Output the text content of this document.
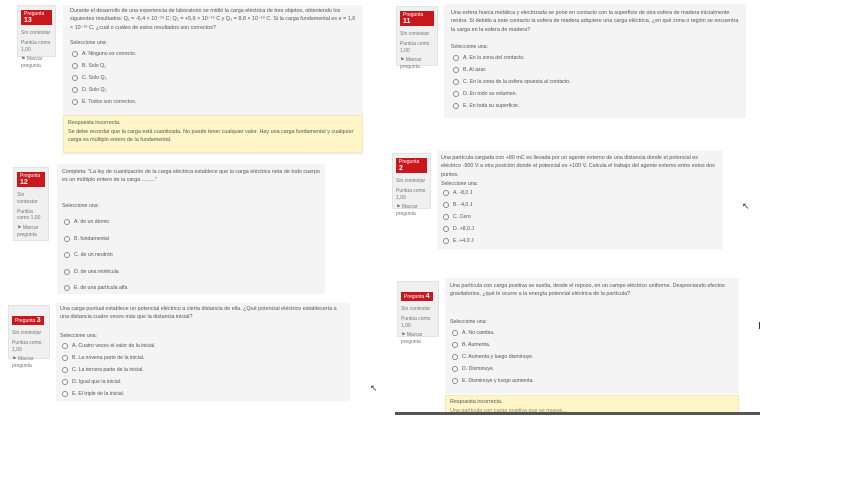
Pregunta 13
Sin contestar
Puntúa como 1,00
⚑ Marcar pregunta
Durante el desarrollo de una experiencia de laboratorio se midió la carga eléctrica de tres objetos, obteniendo los siguientes resultados: Q₁ = -6,4 × 10⁻¹⁹ C; Q₂ = +5,6 × 10⁻¹⁹ C y Q₃ = 8,8 × 10⁻¹⁹ C. Si la carga fundamental es e = 1,6 × 10⁻¹⁹ C, ¿cuál o cuáles de estos resultados son correctos?
Seleccione una:
A. Ninguno es correcto.
B. Solo Q₁
C. Solo Q₃
D. Solo Q₂
E. Todos son correctos.
Respuesta incorrecta.
Se debe recordar que la carga está cuantizada. No puede tener cualquier valor. Hay una carga fundamental y cualquier carga es múltiplo entero de la fundamental.
Pregunta 12
Sin contestar
Puntúa como 1,00
⚑ Marcar pregunta
Completa: "La ley de cuantización de la carga eléctrica establece que la carga eléctrica neta de todo cuerpo es un múltiplo entero de la carga ........."
Seleccione una:
A. de un átomo
B. fundamental
C. de un neutrón
D. de una molécula
E. de una partícula alfa
Pregunta 3
Sin contestar
Puntúa como 1,00
⚑ Marcar pregunta
Una carga puntual establece un potencial eléctrico a cierta distancia de ella. ¿Qué potencial eléctrico establecería a una distancia cuatro veces más que la distancia inicial?
Seleccione una:
A. Cuatro veces el valor de la inicial.
B. La novena parte de la inicial.
C. La tercera parte de la inicial.
D. Igual que la inicial.
E. El triple de la inicial.
Pregunta 11
Sin contestar
Puntúa como 1,00
⚑ Marcar pregunta
Una esfera hueca metálica y electrizada se pone en contacto con la superficie de otra esfera de madera inicialmente neutra. Si debido a este contacto la esfera de madera adquiere una carga eléctrica, ¿en qué zona o región se encuentra la carga en la esfera de madera?
Seleccione una:
A. En la zona del contacto.
B. Al azar.
C. En la zona de la esfera opuesta al contacto.
D. En todo su volumen.
E. En toda su superficie.
Pregunta 2
Sin contestar
Puntúa como 1,00
⚑ Marcar pregunta
Una partícula cargada con +80 mC es llevada por un agente externo de una distancia donde el potencial es eléctrico -900 V a otra posición donde el potencial es +100 V. Calcula el trabajo del agente externo entre estos dos puntos.
Seleccione una:
A. -8,0 J
B. -4,0 J
C. Cero
D. +8,0 J
E. +4,0 J
Pregunta 4
Sin contestar
Puntúa como 1,00
⚑ Marcar pregunta
Una partícula con carga positiva se suelta, desde el reposo, en un campo eléctrico uniforme. Despreciando efectos gravitatorios, ¿qué le ocurre a la energía potencial eléctrica de la partícula?
Seleccione una:
A. No cambia.
B. Aumenta.
C. Aumenta y luego disminuye.
D. Disminuye.
E. Disminuye y luego aumenta.
Respuesta incorrecta.
Una partícula con carga positiva que se mueve...
↖
↖
